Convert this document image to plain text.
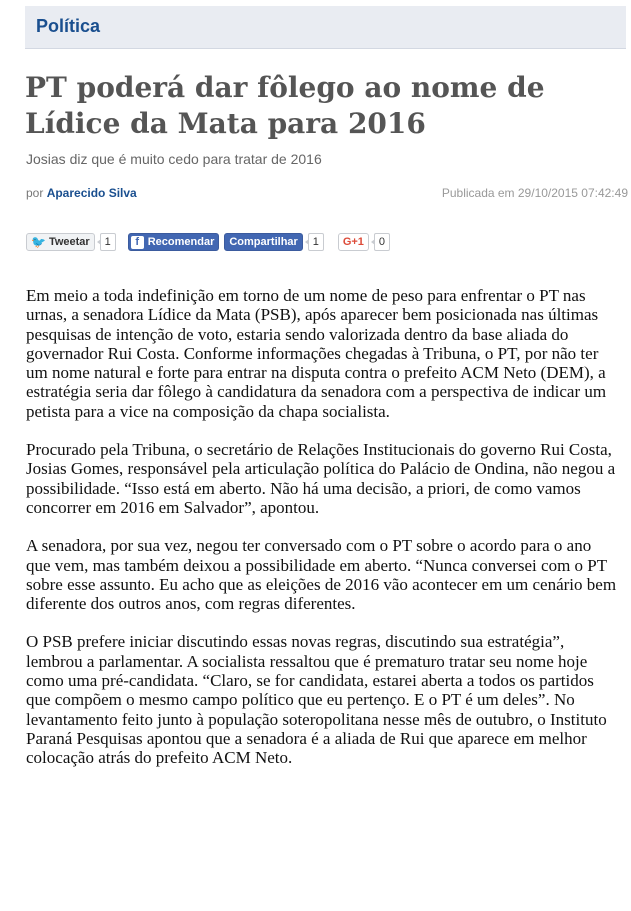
Política
PT poderá dar fôlego ao nome de Lídice da Mata para 2016
Josias diz que é muito cedo para tratar de 2016
por Aparecido Silva	Publicada em 29/10/2015 07:42:49
🐦 Tweetar	1	f Recomendar Compartilhar	1	G+1	0

Em meio a toda indefinição em torno de um nome de peso para enfrentar o PT nas urnas, a senadora Lídice da Mata (PSB), após aparecer bem posicionada nas últimas pesquisas de intenção de voto, estaria sendo valorizada dentro da base aliada do governador Rui Costa. Conforme informações chegadas à Tribuna, o PT, por não ter um nome natural e forte para entrar na disputa contra o prefeito ACM Neto (DEM), a estratégia seria dar fôlego à candidatura da senadora com a perspectiva de indicar um petista para a vice na composição da chapa socialista.

Procurado pela Tribuna, o secretário de Relações Institucionais do governo Rui Costa, Josias Gomes, responsável pela articulação política do Palácio de Ondina, não negou a possibilidade. “Isso está em aberto. Não há uma decisão, a priori, de como vamos concorrer em 2016 em Salvador”, apontou.

A senadora, por sua vez, negou ter conversado com o PT sobre o acordo para o ano que vem, mas também deixou a possibilidade em aberto. “Nunca conversei com o PT sobre esse assunto. Eu acho que as eleições de 2016 vão acontecer em um cenário bem diferente dos outros anos, com regras diferentes.

O PSB prefere iniciar discutindo essas novas regras, discutindo sua estratégia”, lembrou a parlamentar. A socialista ressaltou que é prematuro tratar seu nome hoje como uma pré-candidata. “Claro, se for candidata, estarei aberta a todos os partidos que compõem o mesmo campo político que eu pertenço. E o PT é um deles”. No levantamento feito junto à população soteropolitana nesse mês de outubro, o Instituto Paraná Pesquisas apontou que a senadora é a aliada de Rui que aparece em melhor colocação atrás do prefeito ACM Neto.
